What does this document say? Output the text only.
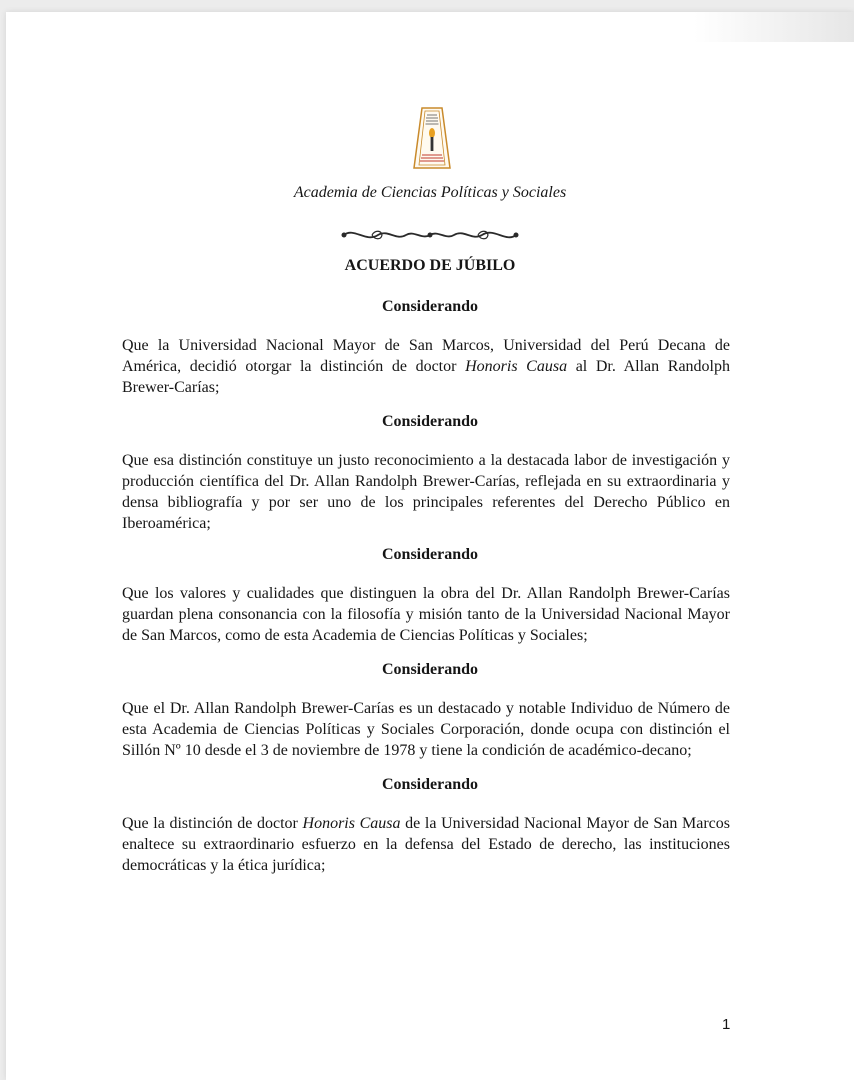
Academia de Ciencias Políticas y Sociales
ACUERDO DE JÚBILO
Considerando
Que la Universidad Nacional Mayor de San Marcos, Universidad del Perú Decana de América, decidió otorgar la distinción de doctor Honoris Causa al Dr. Allan Randolph Brewer-Carías;
Considerando
Que esa distinción constituye un justo reconocimiento a la destacada labor de investigación y producción científica del Dr. Allan Randolph Brewer-Carías, reflejada en su extraordinaria y densa bibliografía y por ser uno de los principales referentes del Derecho Público en Iberoamérica;
Considerando
Que los valores y cualidades que distinguen la obra del Dr. Allan Randolph Brewer-Carías guardan plena consonancia con la filosofía y misión tanto de la Universidad Nacional Mayor de San Marcos, como de esta Academia de Ciencias Políticas y Sociales;
Considerando
Que el Dr. Allan Randolph Brewer-Carías es un destacado y notable Individuo de Número de esta Academia de Ciencias Políticas y Sociales Corporación, donde ocupa con distinción el Sillón Nº 10 desde el 3 de noviembre de 1978 y tiene la condición de académico-decano;
Considerando
Que la distinción de doctor Honoris Causa de la Universidad Nacional Mayor de San Marcos enaltece su extraordinario esfuerzo en la defensa del Estado de derecho, las instituciones democráticas y la ética jurídica;
1
